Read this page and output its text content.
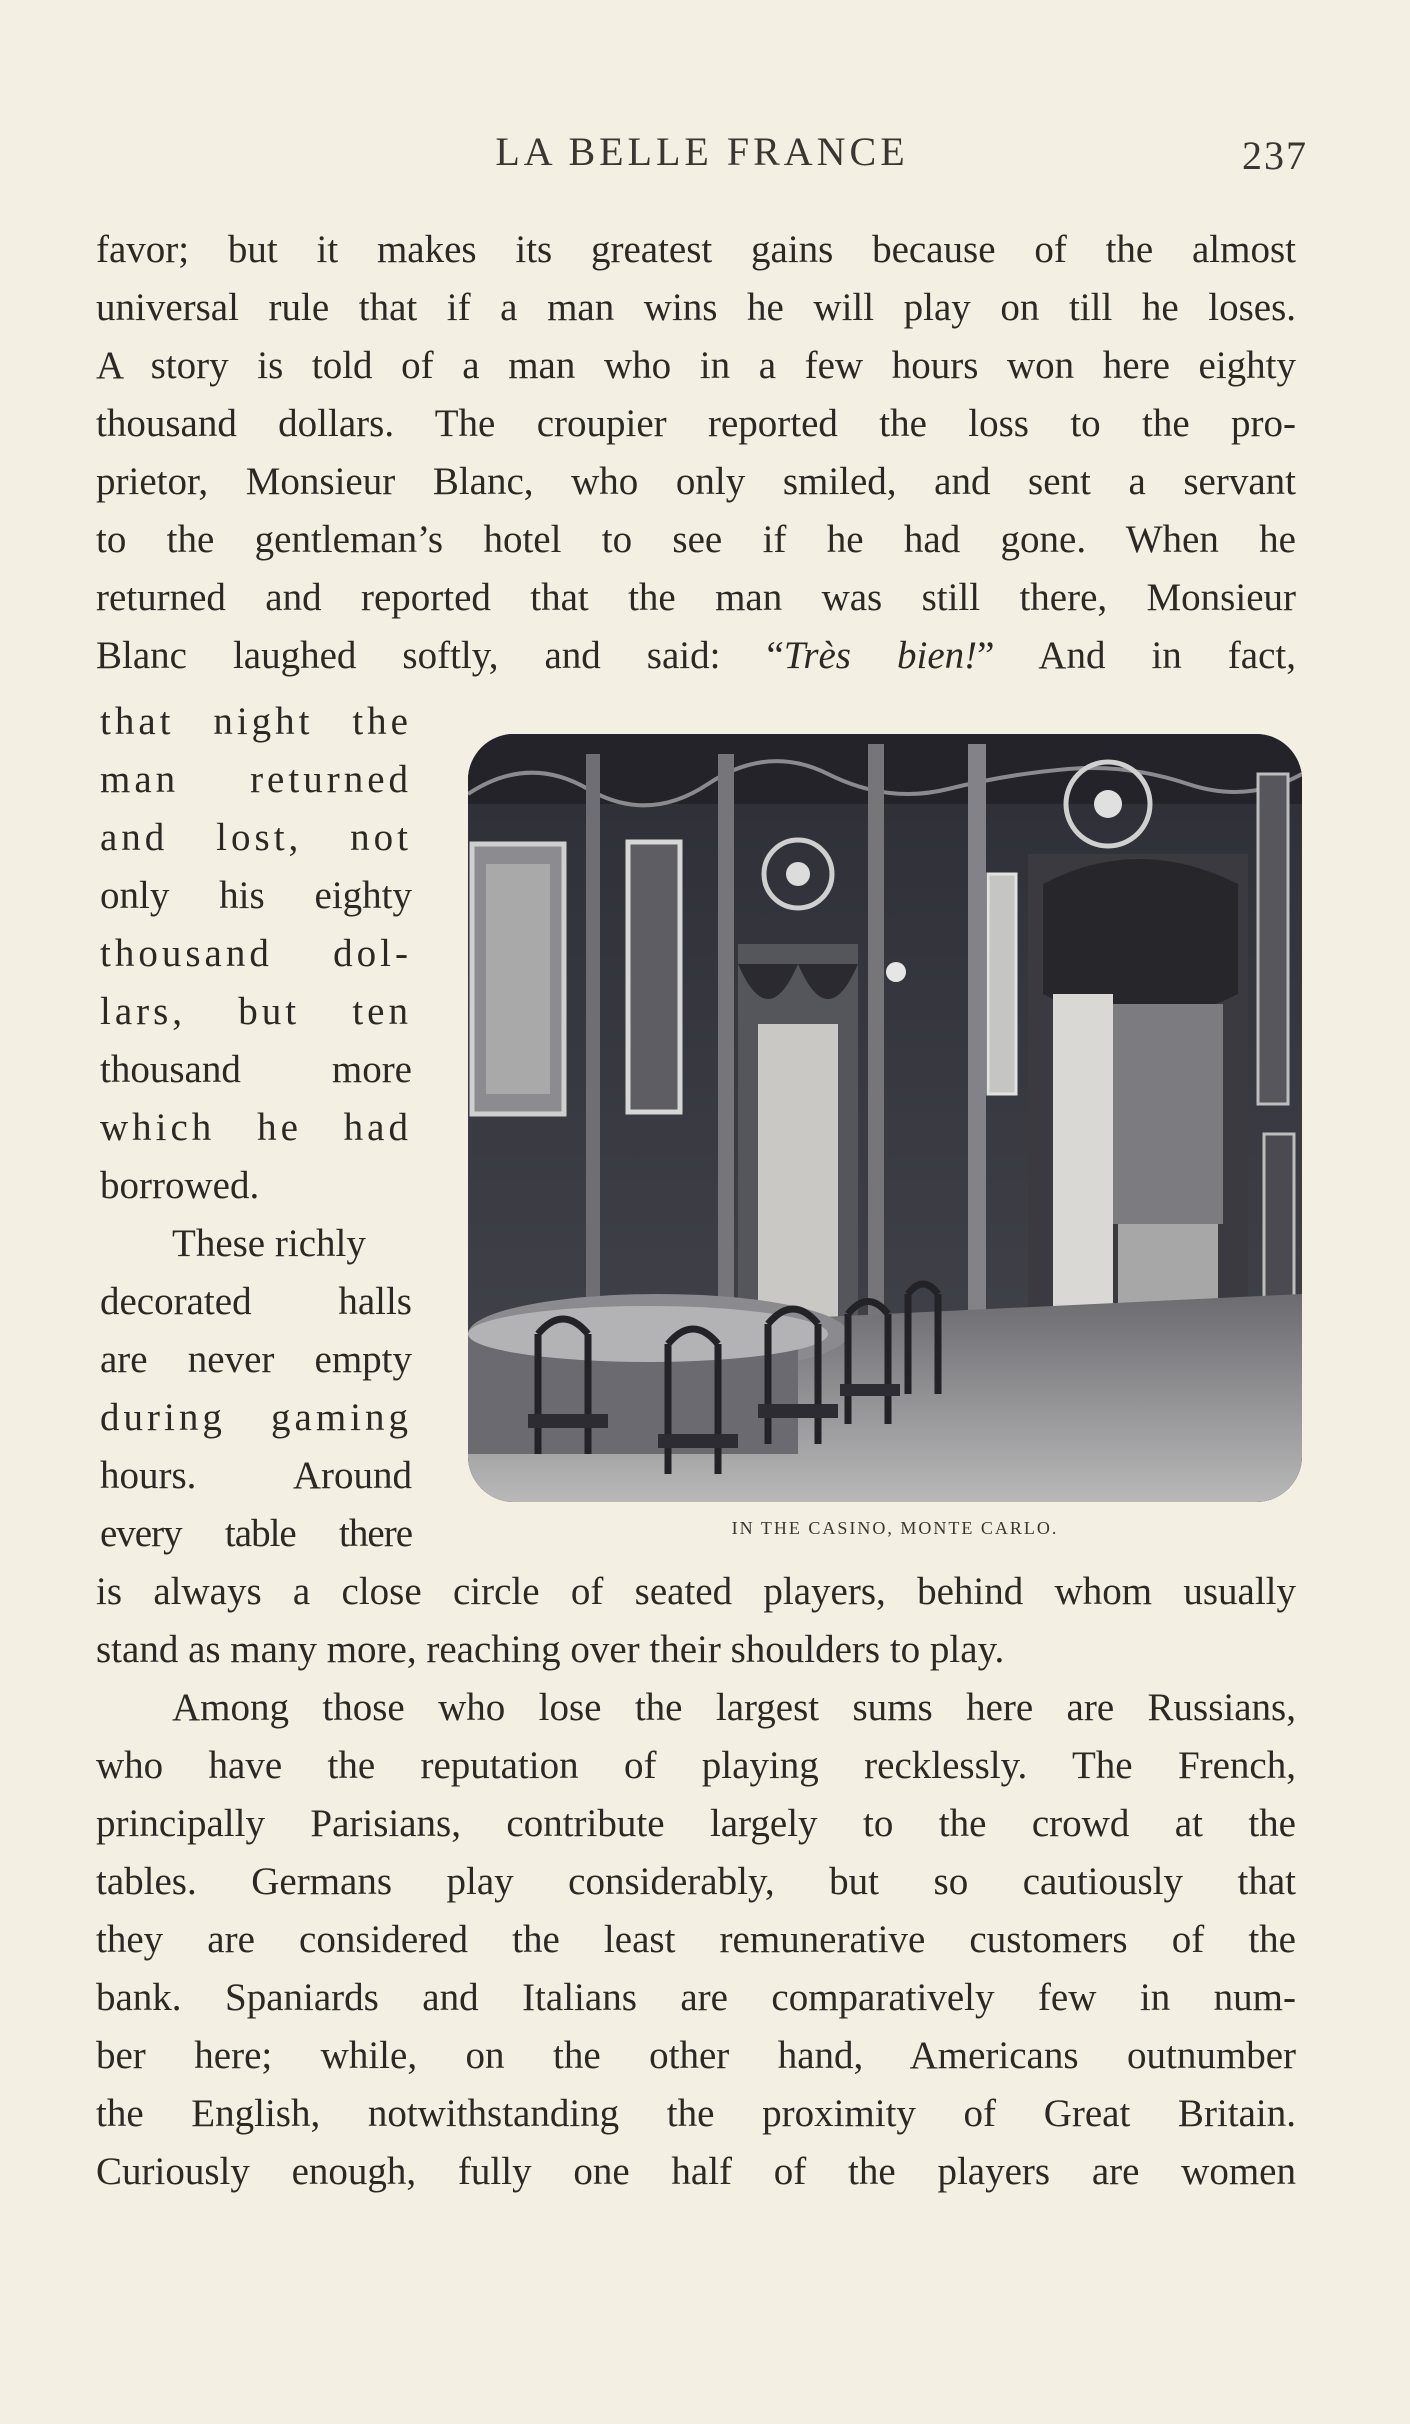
LA BELLE FRANCE	237
favor; but it makes its greatest gains because of the almost
universal rule that if a man wins he will play on till he loses.
A story is told of a man who in a few hours won here eighty
thousand dollars. The croupier reported the loss to the pro-
prietor, Monsieur Blanc, who only smiled, and sent a servant
to the gentleman’s hotel to see if he had gone. When he
returned and reported that the man was still there, Monsieur
Blanc laughed softly, and said: “Très bien!” And in fact,
that night the
man returned
and lost, not
only his eighty
thousand dol-
lars, but ten
thousand more
which he had
borrowed.
These richly
decorated halls
are never empty
during gaming
hours. Around
every table there
is always a close circle of seated players, behind whom usually
stand as many more, reaching over their shoulders to play.
Among those who lose the largest sums here are Russians,
who have the reputation of playing recklessly. The French,
principally Parisians, contribute largely to the crowd at the
tables. Germans play considerably, but so cautiously that
they are considered the least remunerative customers of the
bank. Spaniards and Italians are comparatively few in num-
ber here; while, on the other hand, Americans outnumber
the English, notwithstanding the proximity of Great Britain.
Curiously enough, fully one half of the players are women
IN THE CASINO, MONTE CARLO.
